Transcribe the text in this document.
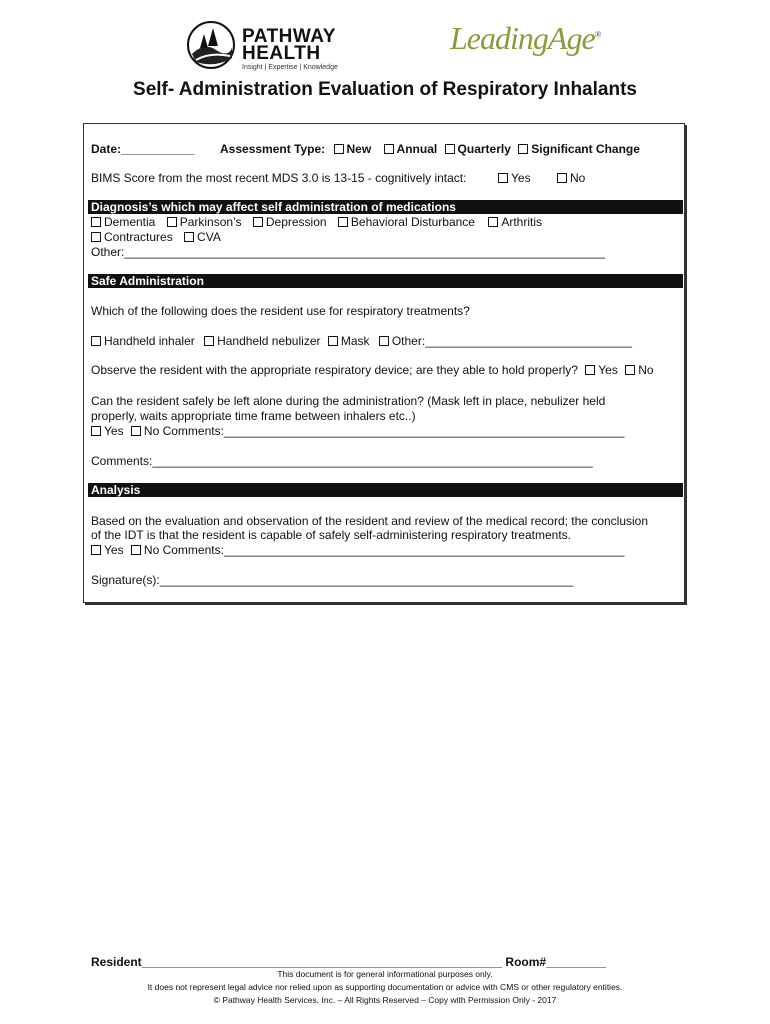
PATHWAY
HEALTH
Insight | Expertise | Knowledge
LeadingAge®
Self- Administration Evaluation of Respiratory Inhalants
Date:___________ Assessment Type: New Annual Quarterly Significant Change
BIMS Score from the most recent MDS 3.0 is 13-15 - cognitively intact:	Yes	No
Diagnosis’s which may affect self administration of medications
Dementia Parkinson’s Depression Behavioral Disturbance Arthritis
Contractures CVA
Other:________________________________________________________________________
Safe Administration
Which of the following does the resident use for respiratory treatments?
Handheld inhaler Handheld nebulizer Mask Other:_______________________________
Observe the resident with the appropriate respiratory device; are they able to hold properly? Yes No
Can the resident safely be left alone during the administration? (Mask left in place, nebulizer held
properly, waits appropriate time frame between inhalers etc..)
Yes No Comments:____________________________________________________________
Comments:__________________________________________________________________
Analysis
Based on the evaluation and observation of the resident and review of the medical record; the conclusion
of the IDT is that the resident is capable of safely self-administering respiratory treatments.
Yes No Comments:____________________________________________________________
Signature(s):______________________________________________________________
Resident______________________________________________________ Room#_________
This document is for general informational purposes only.
It does not represent legal advice nor relied upon as supporting documentation or advice with CMS or other regulatory entities.
© Pathway Health Services, Inc. – All Rights Reserved – Copy with Permission Only - 2017
